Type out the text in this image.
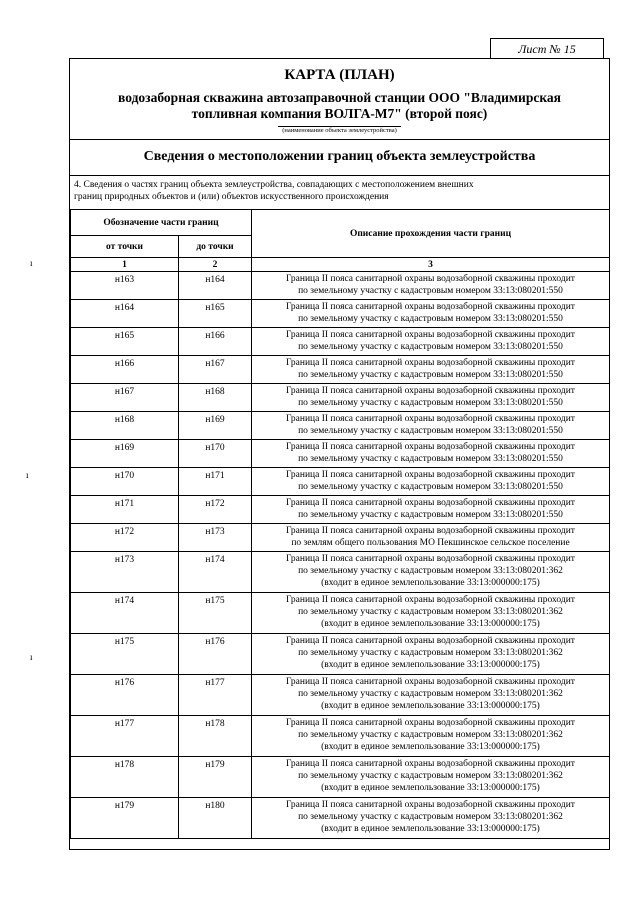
Лист № 15
ı
ı
ı
КАРТА (ПЛАН)
водозаборная скважина автозаправочной станции ООО "Владимирская
топливная компания ВОЛГА-М7" (второй пояс)
(наименование объекта землеустройства)
Сведения о местоположении границ объекта землеустройства
4. Сведения о частях границ объекта землеустройства, совпадающих с местоположением внешних
границ природных объектов и (или) объектов искусственного происхождения
Обозначение части границ		Описание прохождения части границ
от точки	до точки	
1	2	3
н163	н164	Граница II пояса санитарной охраны водозаборной скважины проходит
по земельному участку с кадастровым номером 33:13:080201:550

н164	н165	Граница II пояса санитарной охраны водозаборной скважины проходит
по земельному участку с кадастровым номером 33:13:080201:550

н165	н166	Граница II пояса санитарной охраны водозаборной скважины проходит
по земельному участку с кадастровым номером 33:13:080201:550

н166	н167	Граница II пояса санитарной охраны водозаборной скважины проходит
по земельному участку с кадастровым номером 33:13:080201:550

н167	н168	Граница II пояса санитарной охраны водозаборной скважины проходит
по земельному участку с кадастровым номером 33:13:080201:550

н168	н169	Граница II пояса санитарной охраны водозаборной скважины проходит
по земельному участку с кадастровым номером 33:13:080201:550

н169	н170	Граница II пояса санитарной охраны водозаборной скважины проходит
по земельному участку с кадастровым номером 33:13:080201:550

н170	н171	Граница II пояса санитарной охраны водозаборной скважины проходит
по земельному участку с кадастровым номером 33:13:080201:550

н171	н172	Граница II пояса санитарной охраны водозаборной скважины проходит
по земельному участку с кадастровым номером 33:13:080201:550

н172	н173	Граница II пояса санитарной охраны водозаборной скважины проходит
по землям общего пользования МО Пекшинское сельское поселение

н173	н174	Граница II пояса санитарной охраны водозаборной скважины проходит
по земельному участку с кадастровым номером 33:13:080201:362
(входит в единое землепользование 33:13:000000:175)

н174	н175	Граница II пояса санитарной охраны водозаборной скважины проходит
по земельному участку с кадастровым номером 33:13:080201:362
(входит в единое землепользование 33:13:000000:175)

н175	н176	Граница II пояса санитарной охраны водозаборной скважины проходит
по земельному участку с кадастровым номером 33:13:080201:362
(входит в единое землепользование 33:13:000000:175)

н176	н177	Граница II пояса санитарной охраны водозаборной скважины проходит
по земельному участку с кадастровым номером 33:13:080201:362
(входит в единое землепользование 33:13:000000:175)

н177	н178	Граница II пояса санитарной охраны водозаборной скважины проходит
по земельному участку с кадастровым номером 33:13:080201:362
(входит в единое землепользование 33:13:000000:175)

н178	н179	Граница II пояса санитарной охраны водозаборной скважины проходит
по земельному участку с кадастровым номером 33:13:080201:362
(входит в единое землепользование 33:13:000000:175)

н179	н180	Граница II пояса санитарной охраны водозаборной скважины проходит
по земельному участку с кадастровым номером 33:13:080201:362
(входит в единое землепользование 33:13:000000:175)
